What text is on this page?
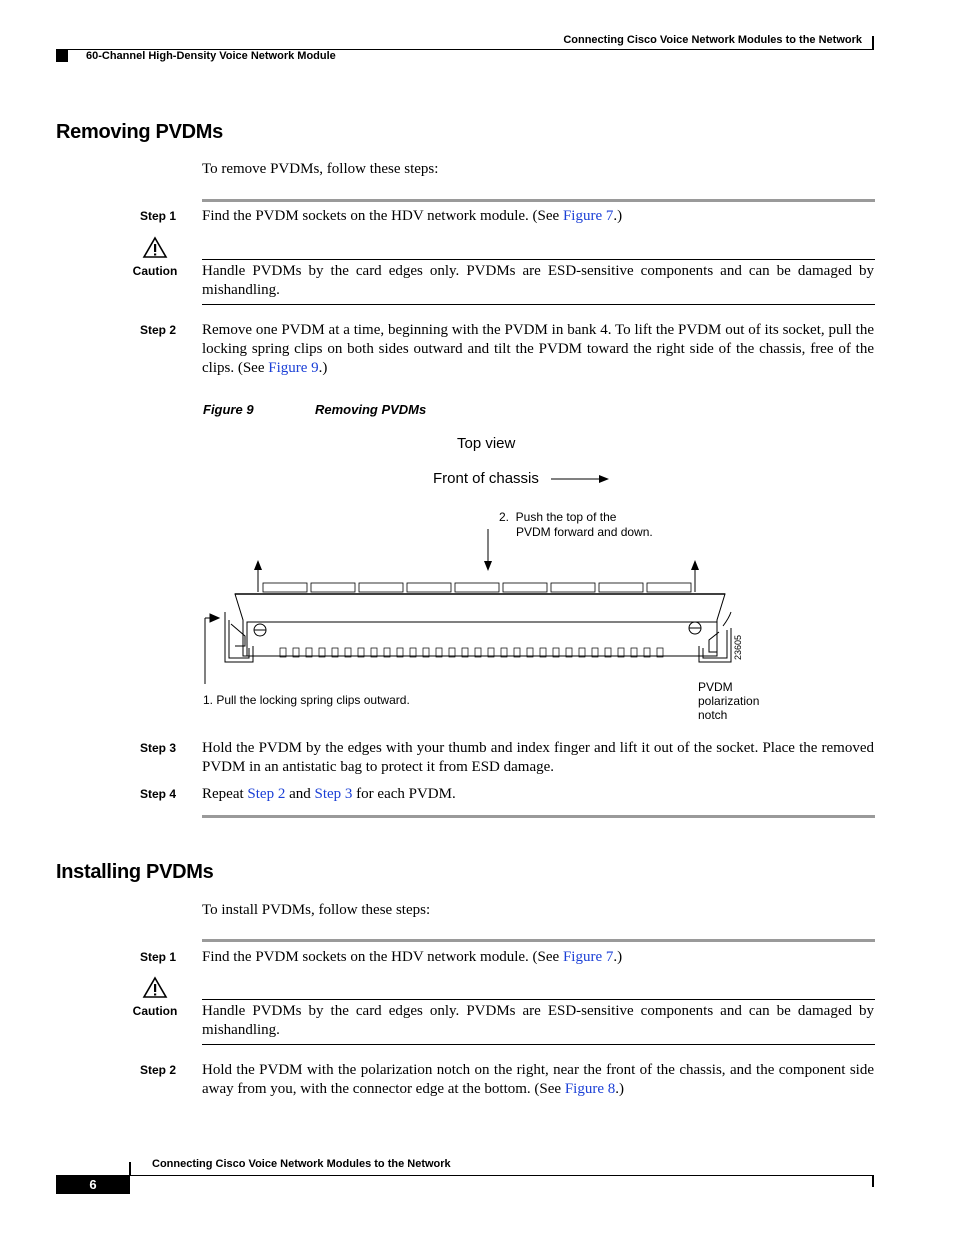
Connecting Cisco Voice Network Modules to the Network
60-Channel High-Density Voice Network Module
Removing PVDMs
To remove PVDMs, follow these steps:
Step 1 Find the PVDM sockets on the HDV network module. (See Figure 7.)
Caution Handle PVDMs by the card edges only. PVDMs are ESD-sensitive components and can be damaged by mishandling.
Step 2 Remove one PVDM at a time, beginning with the PVDM in bank 4. To lift the PVDM out of its socket, pull the locking spring clips on both sides outward and tilt the PVDM toward the right side of the chassis, free of the clips. (See Figure 9.)
Figure 9	Removing PVDMs
Top view
Front of chassis
2.  Push the top of the
PVDM forward and down.
1. Pull the locking spring clips outward.
PVDM
polarization
notch
23605
Step 3 Hold the PVDM by the edges with your thumb and index finger and lift it out of the socket. Place the removed PVDM in an antistatic bag to protect it from ESD damage.
Step 4 Repeat Step 2 and Step 3 for each PVDM.
Installing PVDMs
To install PVDMs, follow these steps:
Step 1 Find the PVDM sockets on the HDV network module. (See Figure 7.)
Caution Handle PVDMs by the card edges only. PVDMs are ESD-sensitive components and can be damaged by mishandling.
Step 2 Hold the PVDM with the polarization notch on the right, near the front of the chassis, and the component side away from you, with the connector edge at the bottom. (See Figure 8.)
Connecting Cisco Voice Network Modules to the Network
6
